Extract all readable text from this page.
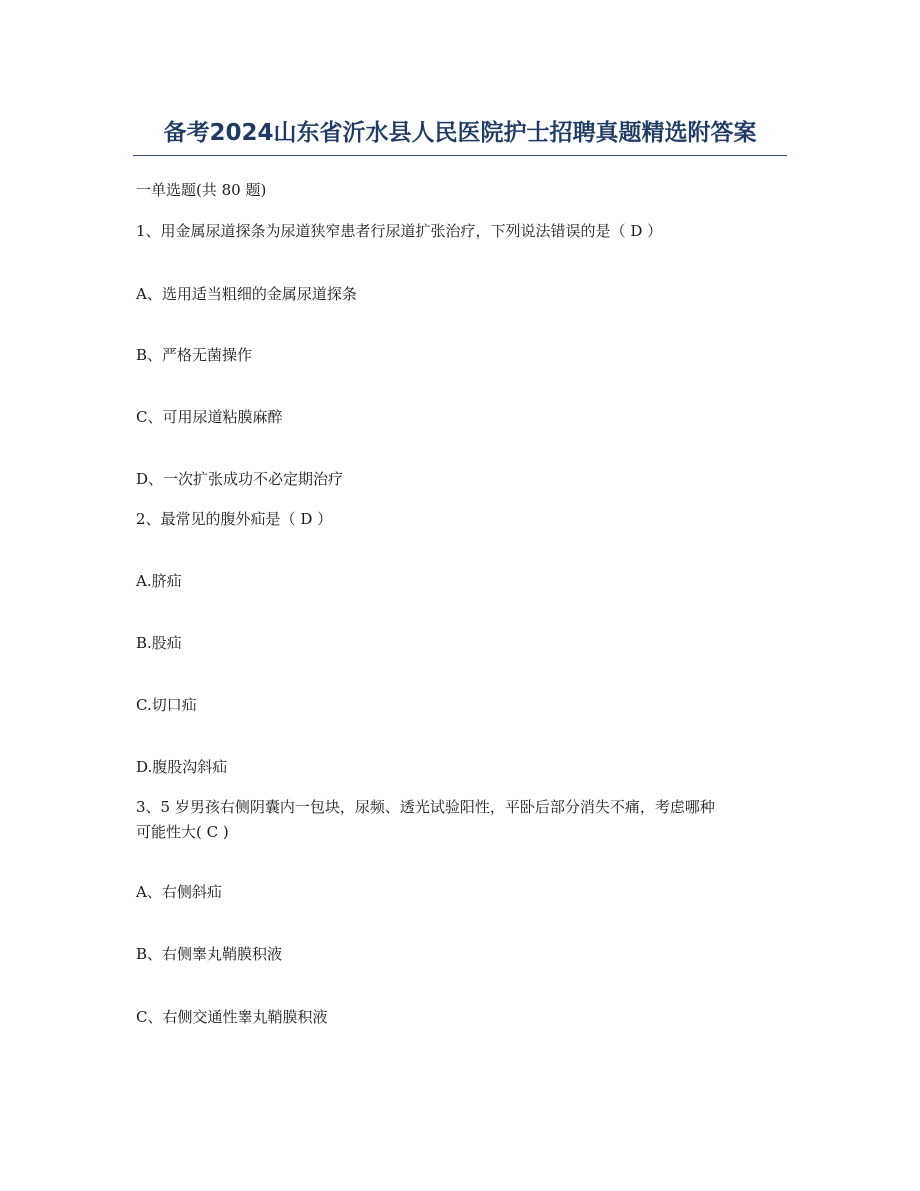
备考2024山东省沂水县人民医院护士招聘真题精选附答案
一单选题(共 80 题)
1、用金属尿道探条为尿道狭窄患者行尿道扩张治疗，下列说法错误的是（ D ）
A、选用适当粗细的金属尿道探条
B、严格无菌操作
C、可用尿道粘膜麻醉
D、一次扩张成功不必定期治疗
2、最常见的腹外疝是（ D ）
A.脐疝
B.股疝
C.切口疝
D.腹股沟斜疝
3、5 岁男孩右侧阴囊内一包块，尿频、透光试验阳性，平卧后部分消失不痛，考虑哪种
可能性大( C )
A、右侧斜疝
B、右侧睾丸鞘膜积液
C、右侧交通性睾丸鞘膜积液
